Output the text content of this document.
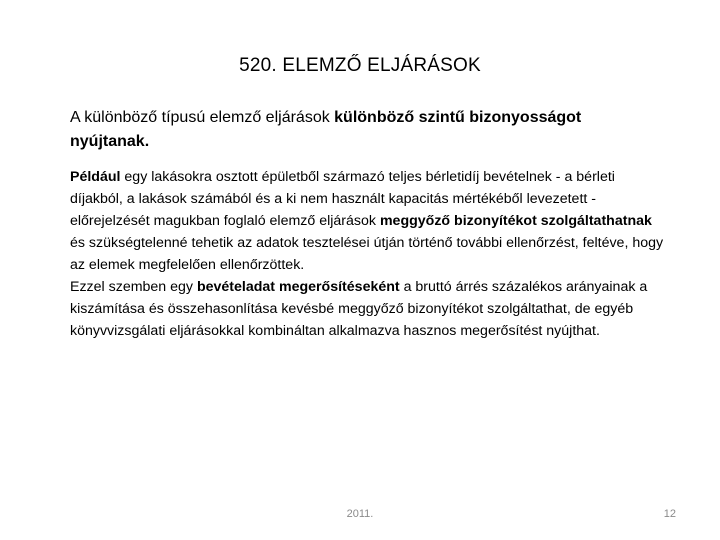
520. ELEMZŐ ELJÁRÁSOK
A különböző típusú elemző eljárások különböző szintű bizonyosságot nyújtanak.

Például egy lakásokra osztott épületből származó teljes bérletidíj bevételnek - a bérleti díjakból, a lakások számából és a ki nem használt kapacitás mértékéből levezetett - előrejelzését magukban foglaló elemző eljárások meggyőző bizonyítékot szolgáltathatnak és szükségtelenné tehetik az adatok tesztelései útján történő további ellenőrzést, feltéve, hogy az elemek megfelelően ellenőrzöttek.

Ezzel szemben egy bevételadat megerősítéseként a bruttó árrés százalékos arányainak a kiszámítása és összehasonlítása kevésbé meggyőző bizonyítékot szolgáltathat, de egyéb könyvvizsgálati eljárásokkal kombináltan alkalmazva hasznos megerősítést nyújthat.

2011.	12
